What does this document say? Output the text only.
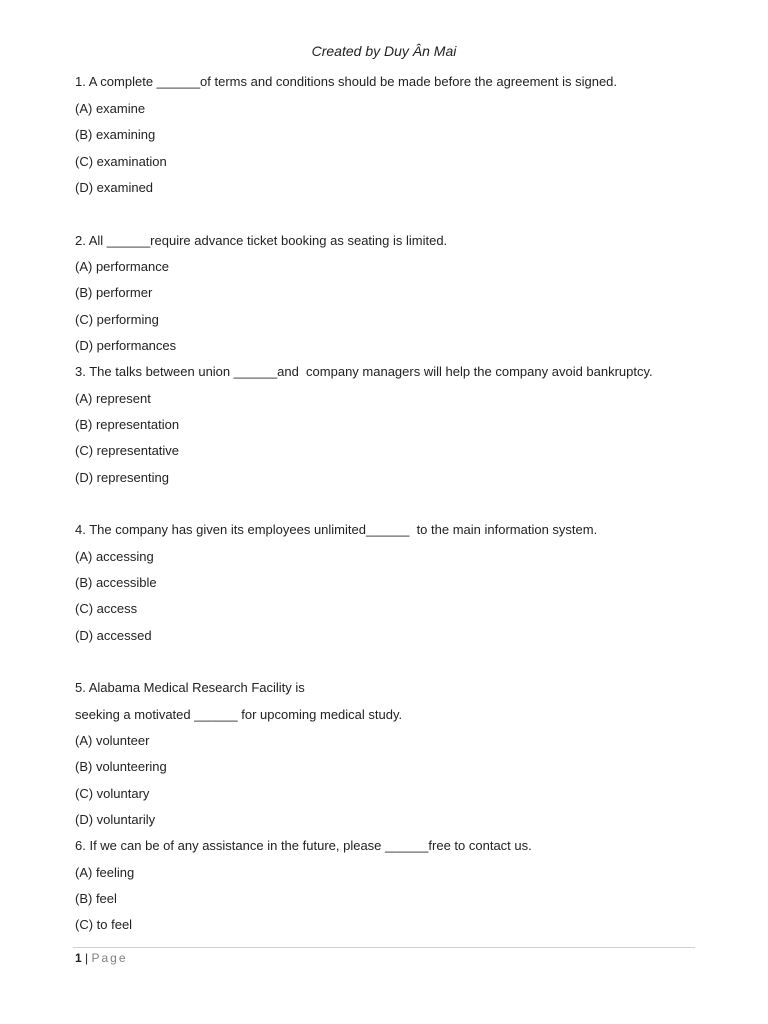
Created by Duy Ân Mai
1. A complete ______of terms and conditions should be made before the agreement is signed.
(A) examine
(B) examining
(C) examination
(D) examined
2. All ______require advance ticket booking as seating is limited.
(A) performance
(B) performer
(C) performing
(D) performances
3. The talks between union ______and  company managers will help the company avoid bankruptcy.
(A) represent
(B) representation
(C) representative
(D) representing
4. The company has given its employees unlimited______  to the main information system.
(A) accessing
(B) accessible
(C) access
(D) accessed
5. Alabama Medical Research Facility is
seeking a motivated ______ for upcoming medical study.
(A) volunteer
(B) volunteering
(C) voluntary
(D) voluntarily
6. If we can be of any assistance in the future, please ______free to contact us.
(A) feeling
(B) feel
(C) to feel
1 | Page
